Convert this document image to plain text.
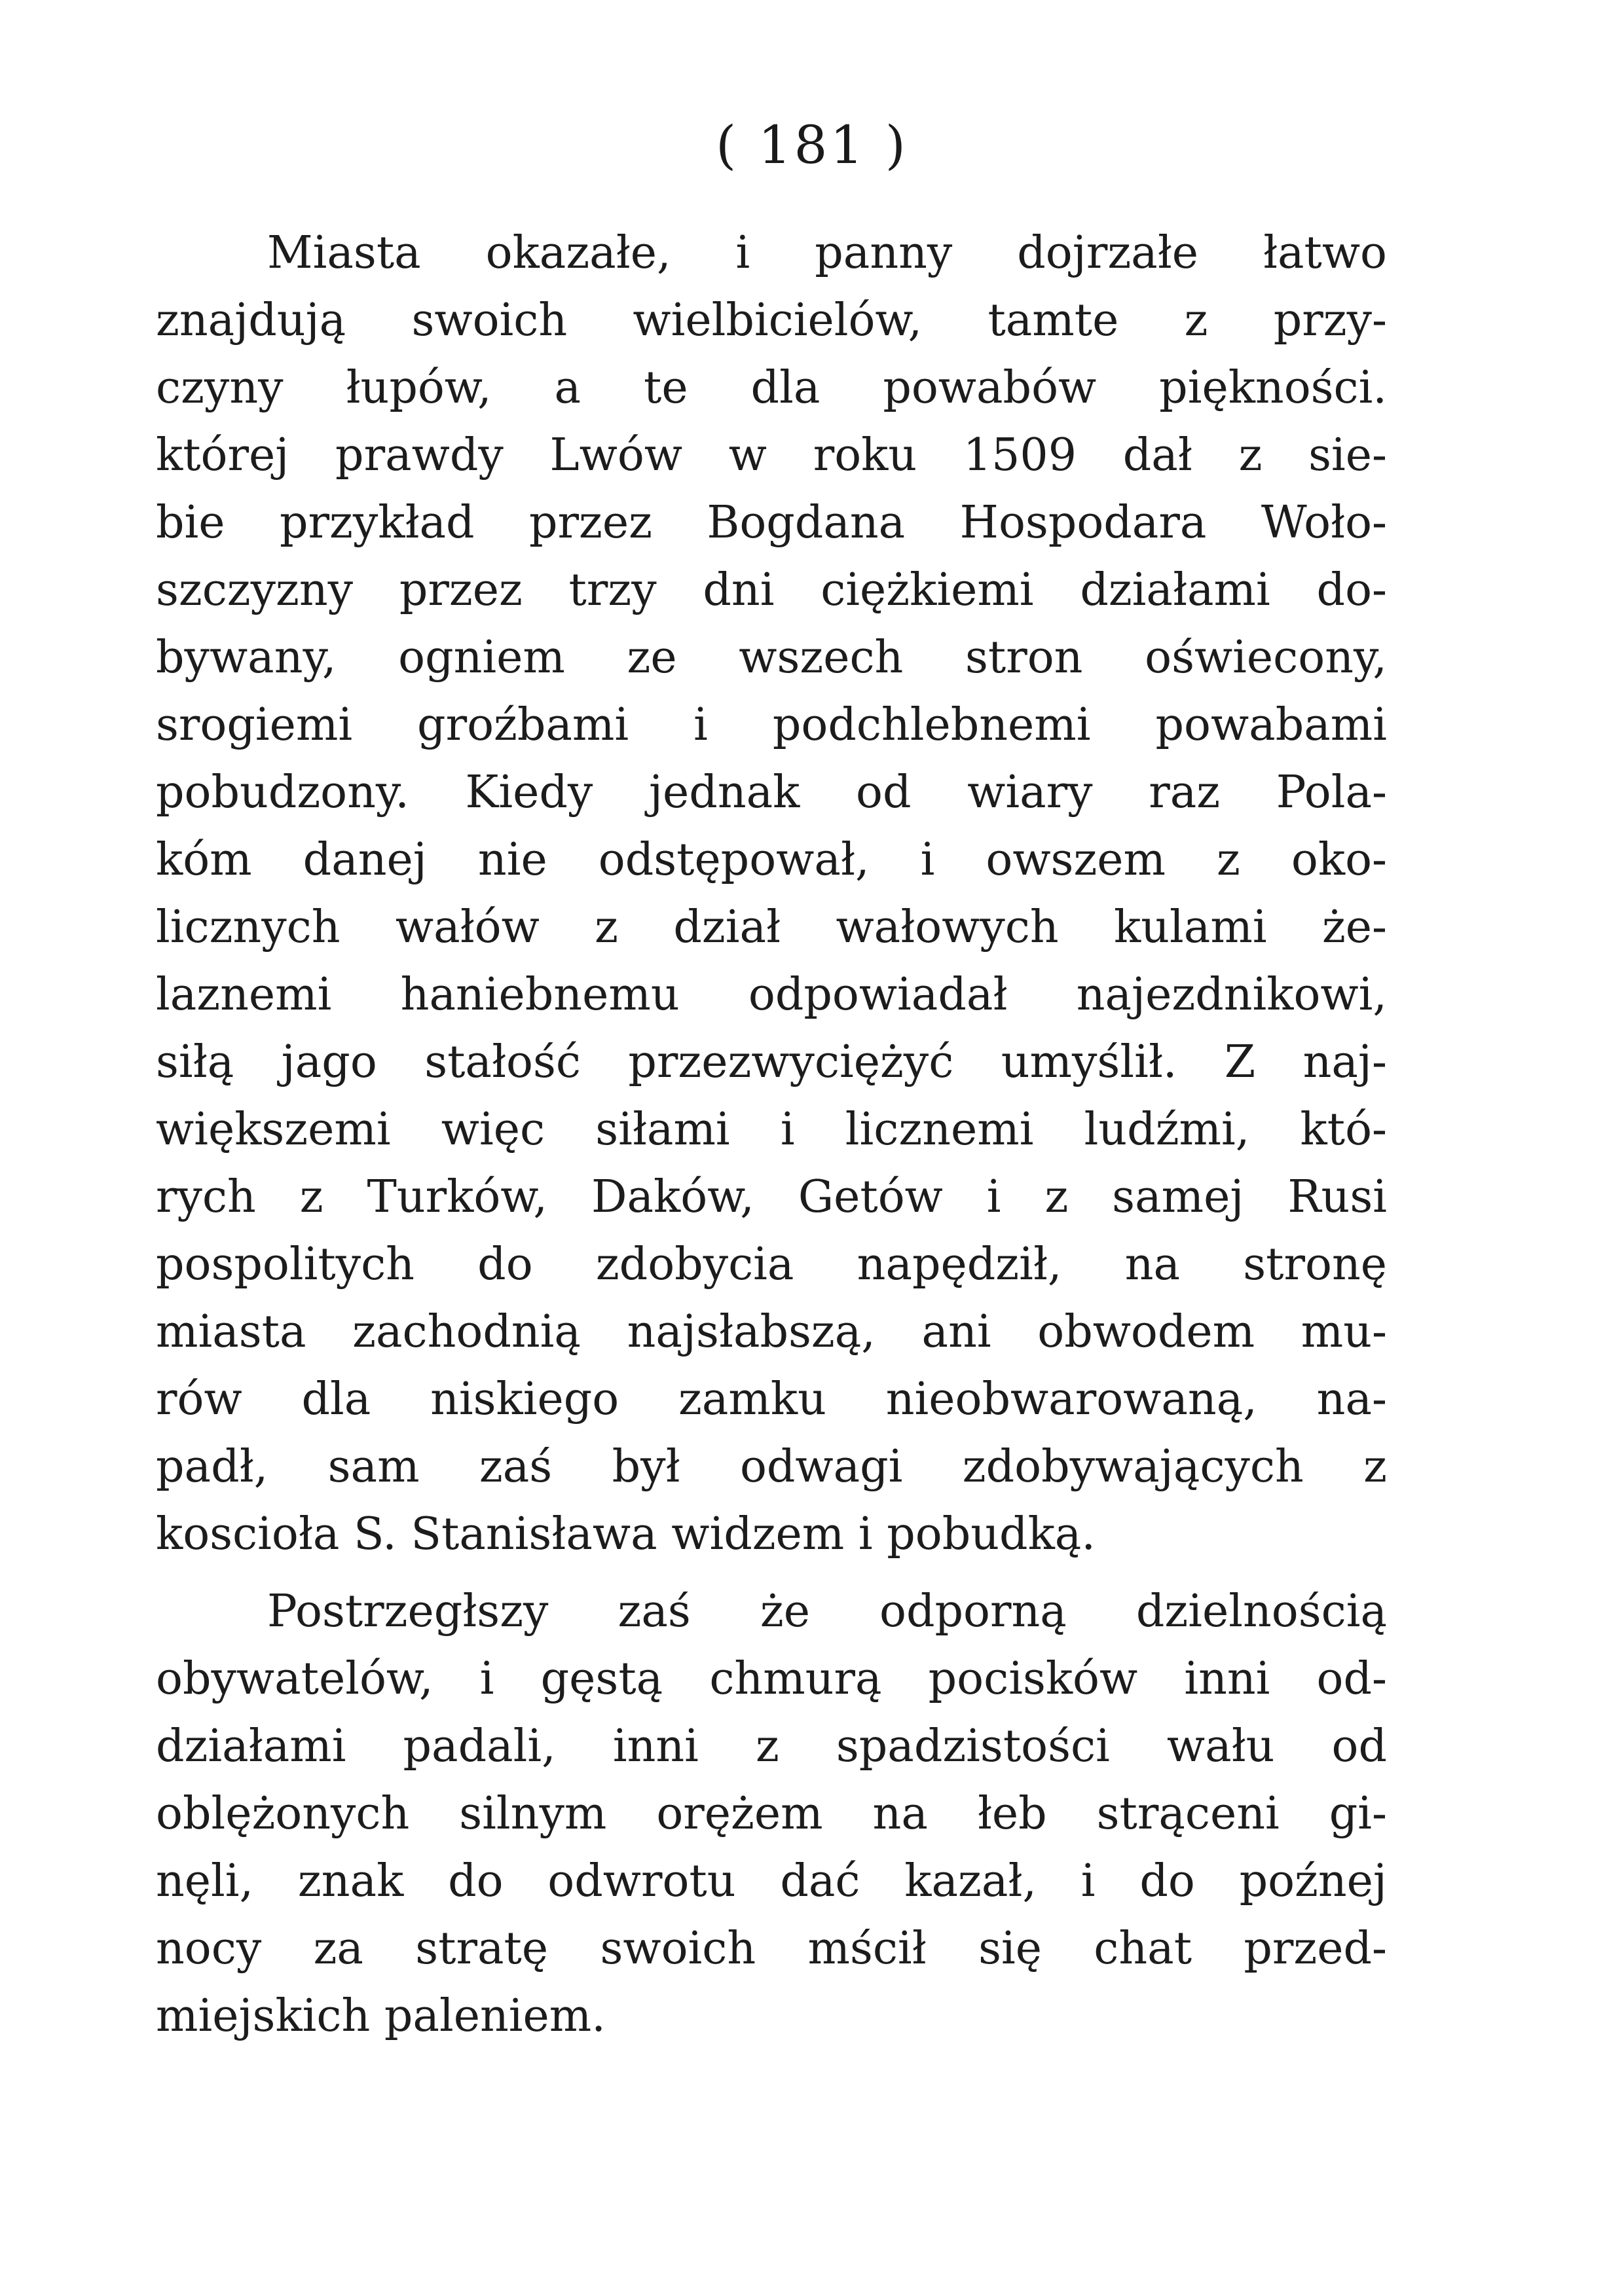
( 181 )
Miasta okazałe, i panny dojrzałe łatwo
znajdują swoich wielbicielów, tamte z przy-
czyny łupów, a te dla powabów piękności.
której prawdy Lwów w roku 1509 dał z sie-
bie przykład przez Bogdana Hospodara Woło-
szczyzny przez trzy dni ciężkiemi działami do-
bywany, ogniem ze wszech stron oświecony,
srogiemi groźbami i podchlebnemi powabami
pobudzony. Kiedy jednak od wiary raz Pola-
kóm danej nie odstępował, i owszem z oko-
licznych wałów z dział wałowych kulami że-
laznemi haniebnemu odpowiadał najezdnikowi,
siłą jago stałość przezwyciężyć umyślił. Z naj-
większemi więc siłami i licznemi ludźmi, któ-
rych z Turków, Daków, Getów i z samej Rusi
pospolitych do zdobycia napędził, na stronę
miasta zachodnią najsłabszą, ani obwodem mu-
rów dla niskiego zamku nieobwarowaną, na-
padł, sam zaś był odwagi zdobywających z
koscioła S. Stanisława widzem i pobudką.
Postrzegłszy zaś że odporną dzielnością
obywatelów, i gęstą chmurą pocisków inni od-
działami padali, inni z spadzistości wału od
oblężonych silnym orężem na łeb strąceni gi-
nęli, znak do odwrotu dać kazał, i do poźnej
nocy za stratę swoich mścił się chat przed-
miejskich paleniem.
